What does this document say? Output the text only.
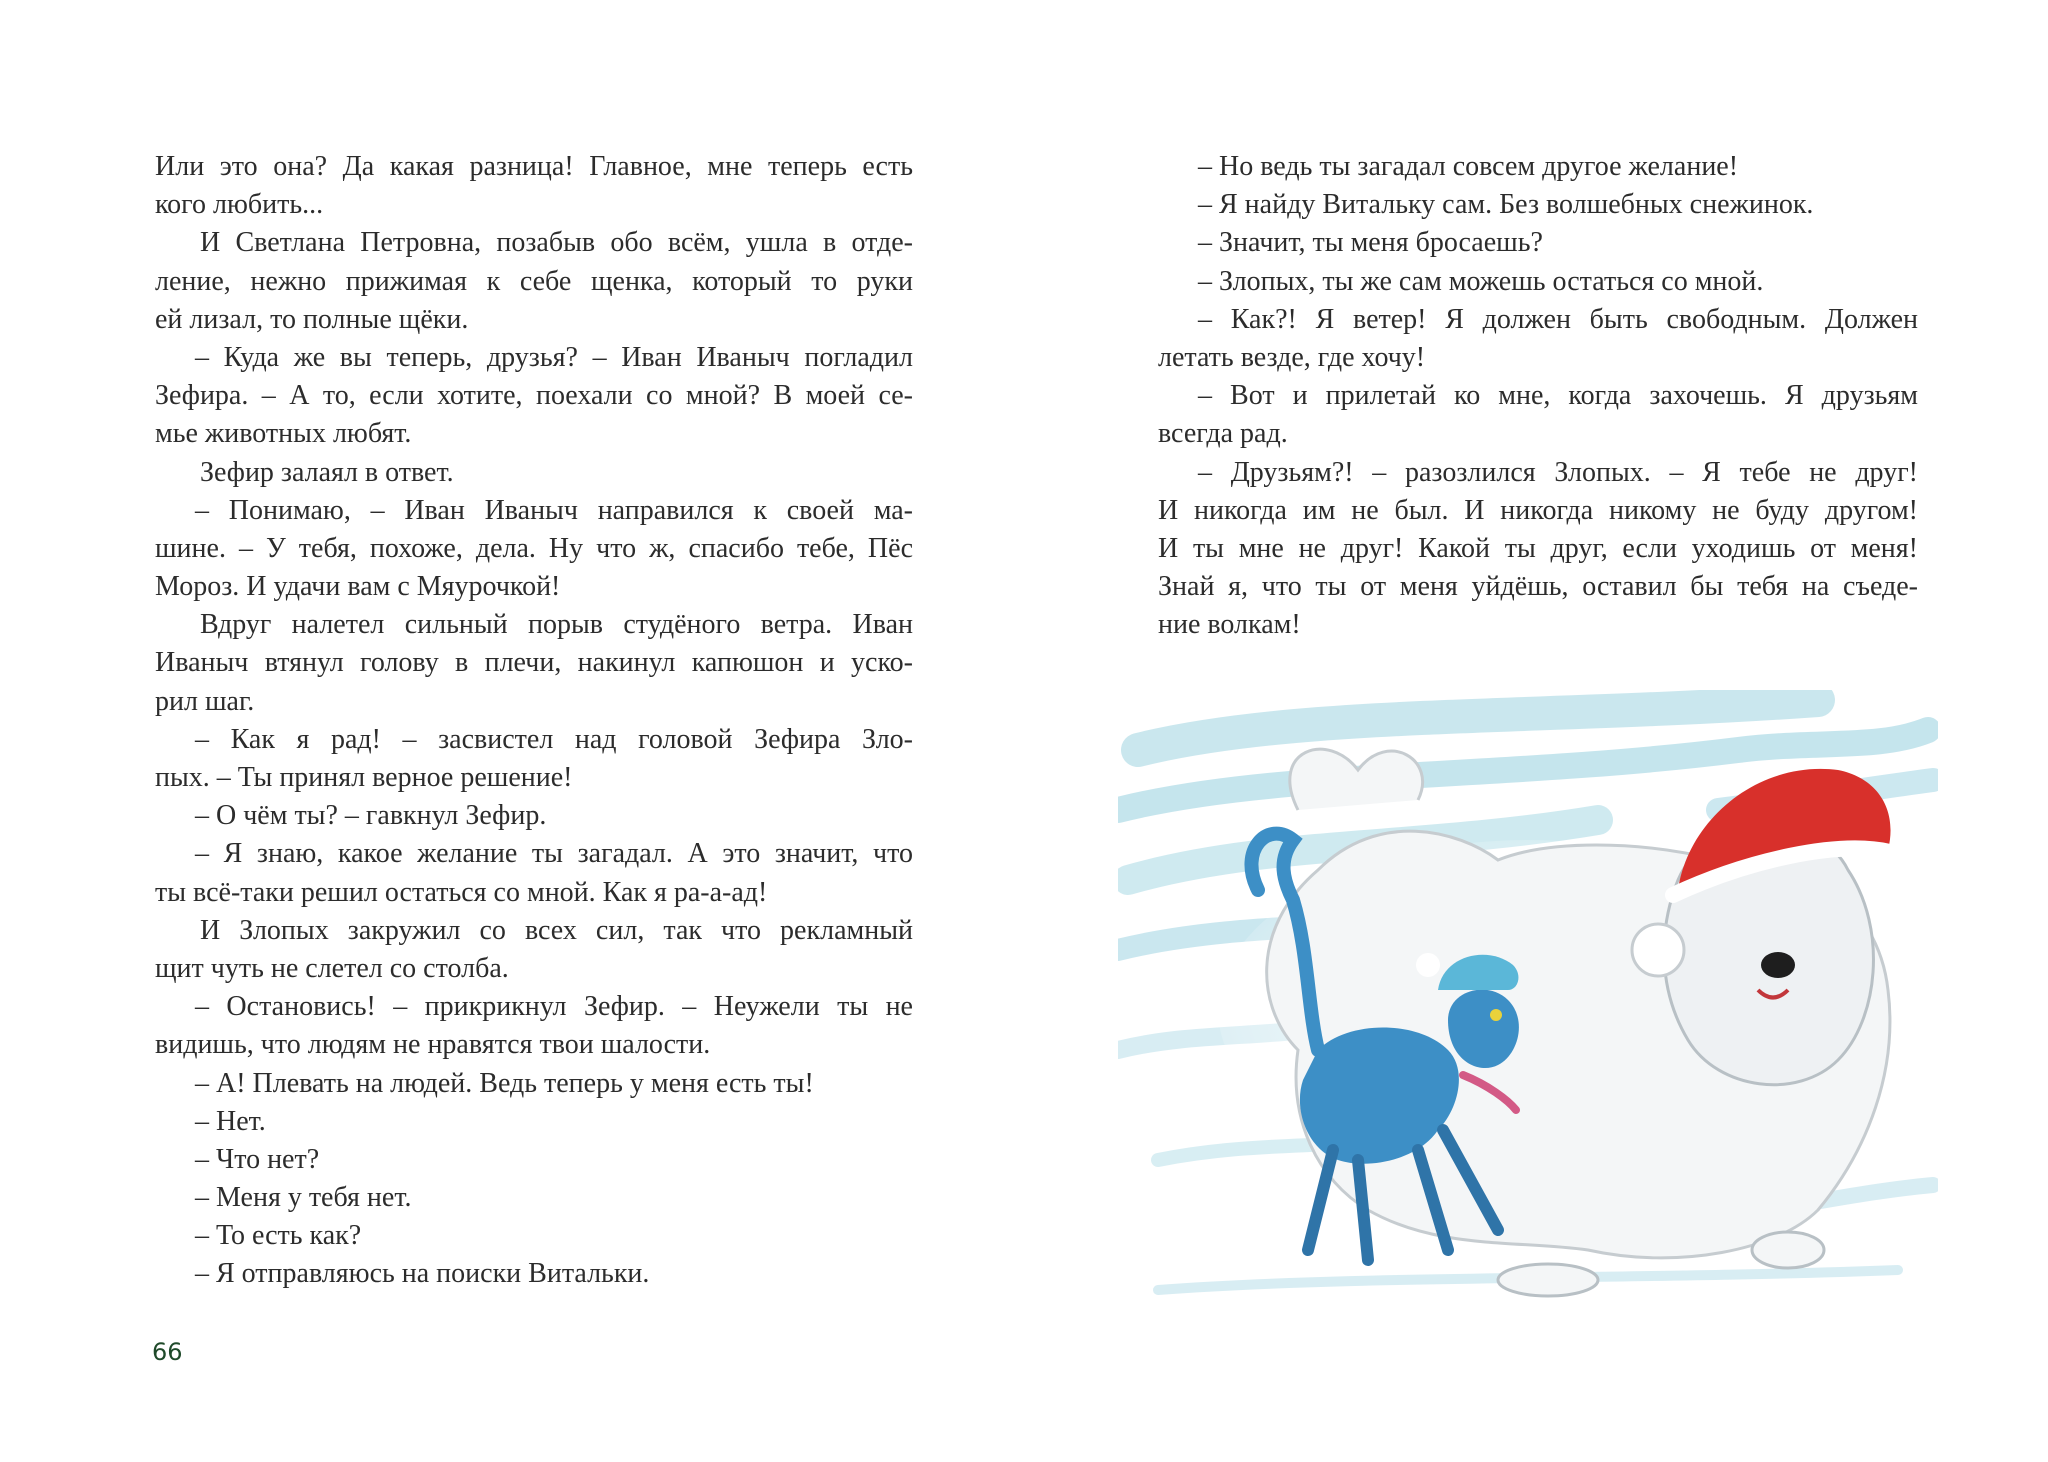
Или это она? Да какая разница! Главное, мне теперь есть
кого любить...
И Светлана Петровна, позабыв обо всём, ушла в отде-
ление, нежно прижимая к себе щенка, который то руки
ей лизал, то полные щёки.
– Куда же вы теперь, друзья? – Иван Иваныч погладил
Зефира. – А то, если хотите, поехали со мной? В моей се-
мье животных любят.
Зефир залаял в ответ.
– Понимаю, – Иван Иваныч направился к своей ма-
шине. – У тебя, похоже, дела. Ну что ж, спасибо тебе, Пёс
Мороз. И удачи вам с Мяурочкой!
Вдруг налетел сильный порыв студёного ветра. Иван
Иваныч втянул голову в плечи, накинул капюшон и уско-
рил шаг.
– Как я рад! – засвистел над головой Зефира Зло-
пых. – Ты принял верное решение!
– О чём ты? – гавкнул Зефир.
– Я знаю, какое желание ты загадал. А это значит, что
ты всё-таки решил остаться со мной. Как я ра-а-ад!
И Злопых закружил со всех сил, так что рекламный
щит чуть не слетел со столба.
– Остановись! – прикрикнул Зефир. – Неужели ты не
видишь, что людям не нравятся твои шалости.
– А! Плевать на людей. Ведь теперь у меня есть ты!
– Нет.
– Что нет?
– Меня у тебя нет.
– То есть как?
– Я отправляюсь на поиски Витальки.
66
– Но ведь ты загадал совсем другое желание!
– Я найду Витальку сам. Без волшебных снежинок.
– Значит, ты меня бросаешь?
– Злопых, ты же сам можешь остаться со мной.
– Как?! Я ветер! Я должен быть свободным. Должен
летать везде, где хочу!
– Вот и прилетай ко мне, когда захочешь. Я друзьям
всегда рад.
– Друзьям?! – разозлился Злопых. – Я тебе не друг!
И никогда им не был. И никогда никому не буду другом!
И ты мне не друг! Какой ты друг, если уходишь от меня!
Знай я, что ты от меня уйдёшь, оставил бы тебя на съеде-
ние волкам!
